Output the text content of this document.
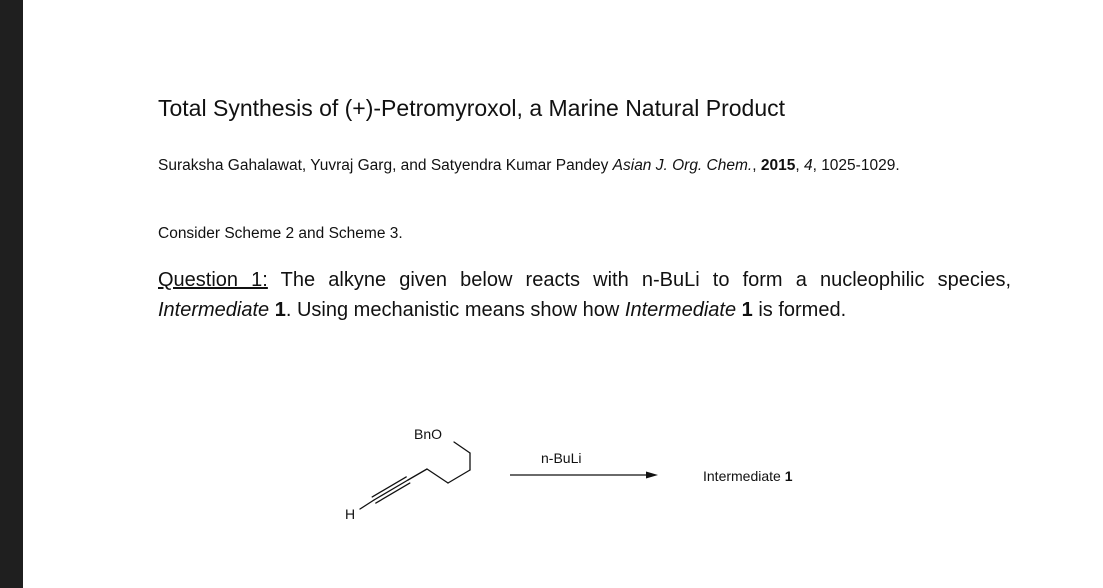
Total Synthesis of (+)-Petromyroxol, a Marine Natural Product
Suraksha Gahalawat, Yuvraj Garg, and Satyendra Kumar Pandey Asian J. Org. Chem., 2015, 4, 1025-1029.
Consider Scheme 2 and Scheme 3.
Question 1: The alkyne given below reacts with n-BuLi to form a nucleophilic species, Intermediate 1. Using mechanistic means show how Intermediate 1 is formed.
BnO
H
n-BuLi
Intermediate 1
